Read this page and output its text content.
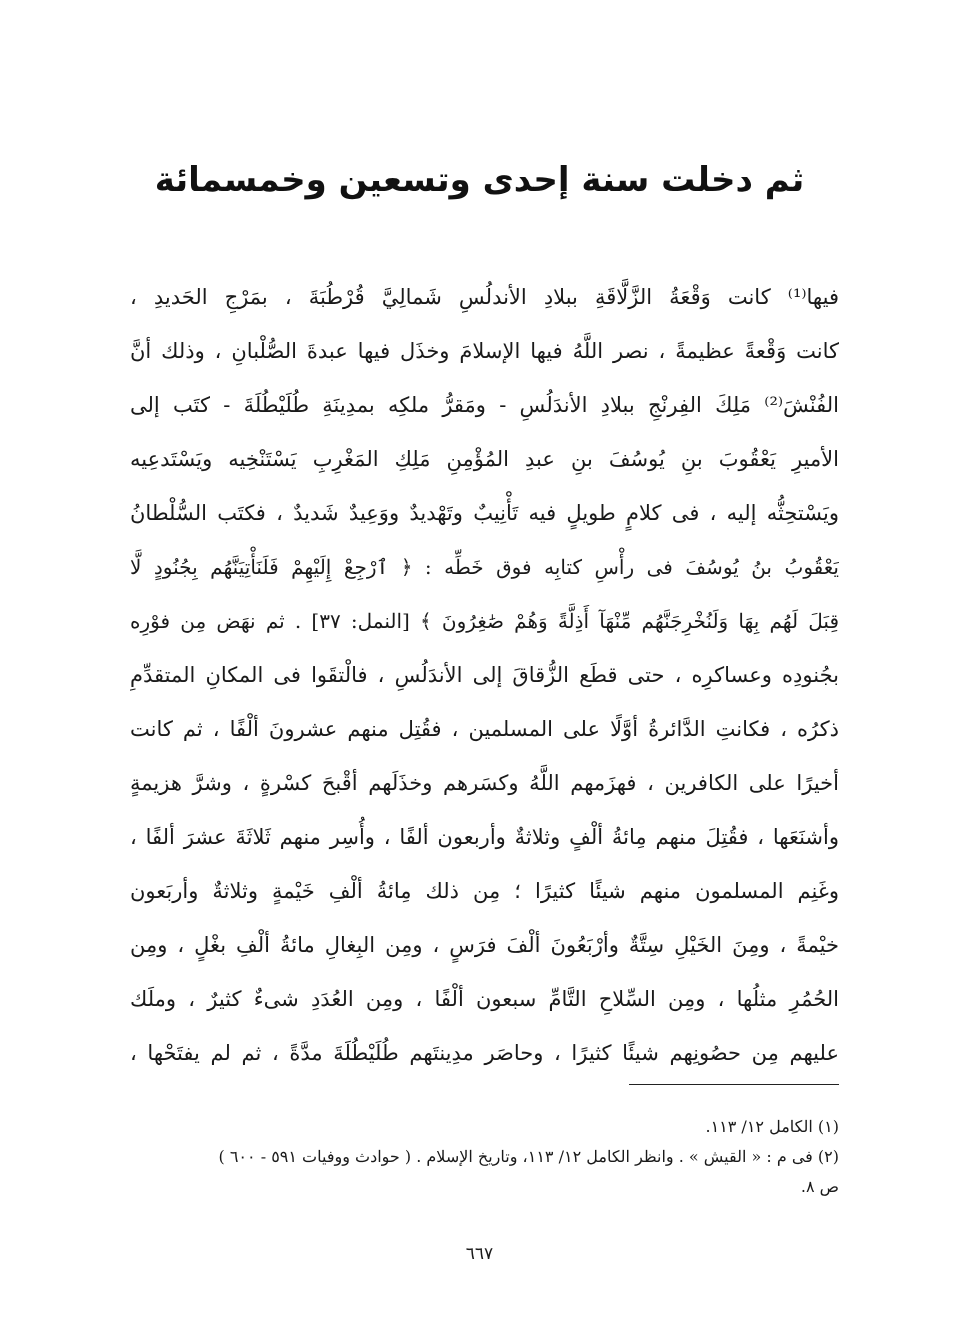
ثم دخلت سنة إحدى وتسعين وخمسمائة
فيها⁽¹⁾ كانت وَقْعَةُ الزَّلَّاقَةِ ببلادِ الأندلُسِ شَمالِيَّ قُرْطُبَةَ ، بمَرْجِ الحَديدِ ،
كانت وَقْعةً عظيمةً ، نصر اللَّهُ فيها الإسلامَ وخذَل فيها عبدةَ الصُّلْبانِ ، وذلك أنَّ
الفُنْشَ⁽²⁾ مَلِكَ الفِرنْجِ ببلادِ الأندَلُسِ - ومَقرُّ ملكِه بمدِينَةِ طُلَيْطُلَةَ - كتَب إلى
الأميرِ يَعْقُوبَ بنِ يُوسُفَ بنِ عبدِ المُؤْمِنِ مَلِكِ المَغْرِبِ يَسْتَنْخِيه ويَسْتَدعِيه
ويَسْتحِثُّه إليه ، فى كلامٍ طويلٍ فيه تَأْنِيبٌ وتَهْديدٌ ووَعِيدٌ شَديدٌ ، فكتَب السُّلْطانُ
يَعْقُوبُ بنُ يُوسُفَ فى رأْسِ كتابِه فوق خَطِّه : ﴿ ٱرْجِعْ إِلَيْهِمْ فَلَنَأْتِيَنَّهُم بِجُنُودٍ لَّا
قِبَلَ لَهُم بِهَا وَلَنُخْرِجَنَّهُم مِّنْهَآ أَذِلَّةً وَهُمْ صَٰغِرُونَ ﴾ [النمل: ٣٧] . ثم نهَض مِن فوْرِه
بجُنودِه وعساكرِه ، حتى قطَع الزُّقاقَ إلى الأندَلُسِ ، فالْتقَوا فى المكانِ المتقدِّمِ
ذكرُه ، فكانتِ الدَّائرةُ أوَّلًا على المسلمين ، فقُتِل منهم عشرونَ ألْفًا ، ثم كانت
أخيرًا على الكافرين ، فهزَمهم اللَّهُ وكسَرهم وخذَلَهم أقْبحَ كسْرةٍ ، وشرَّ هزيمةٍ
وأشنَعَها ، فقُتِلَ منهم مِائةُ ألْفٍ وثلاثةٌ وأربعون ألفًا ، وأُسِر منهم ثَلاثَةَ عشرَ ألفًا ،
وغَنِم المسلمون منهم شيئًا كثيرًا ؛ مِن ذلك مِائةُ ألْفِ خَيْمةٍ وثلاثةٌ وأربَعون
خيْمةً ، ومِنَ الخَيْلِ سِتَّةٌ وأرْبَعُونَ ألْفَ فرَسٍ ، ومِن البِغالِ مائةُ ألْفِ بغْلٍ ، ومِن
الحُمُرِ مثلُها ، ومِن السِّلاحِ التَّامِّ سبعون ألْفًا ، ومِن العُدَدِ شىءٌ كثيرٌ ، وملَك
عليهم مِن حصُونِهم شيئًا كثيرًا ، وحاصَر مدِينتَهم طُلَيْطُلَةَ مدَّةً ، ثم لم يفتَحْها ،
(١) الكامل ١٢/ ١١٣.
(٢) فى م : « القيش » . وانظر الكامل ١٢/ ١١٣، وتاريخ الإسلام . ( حوادث ووفيات ٥٩١ - ٦٠٠ )
ص ٨.
٦٦٧
